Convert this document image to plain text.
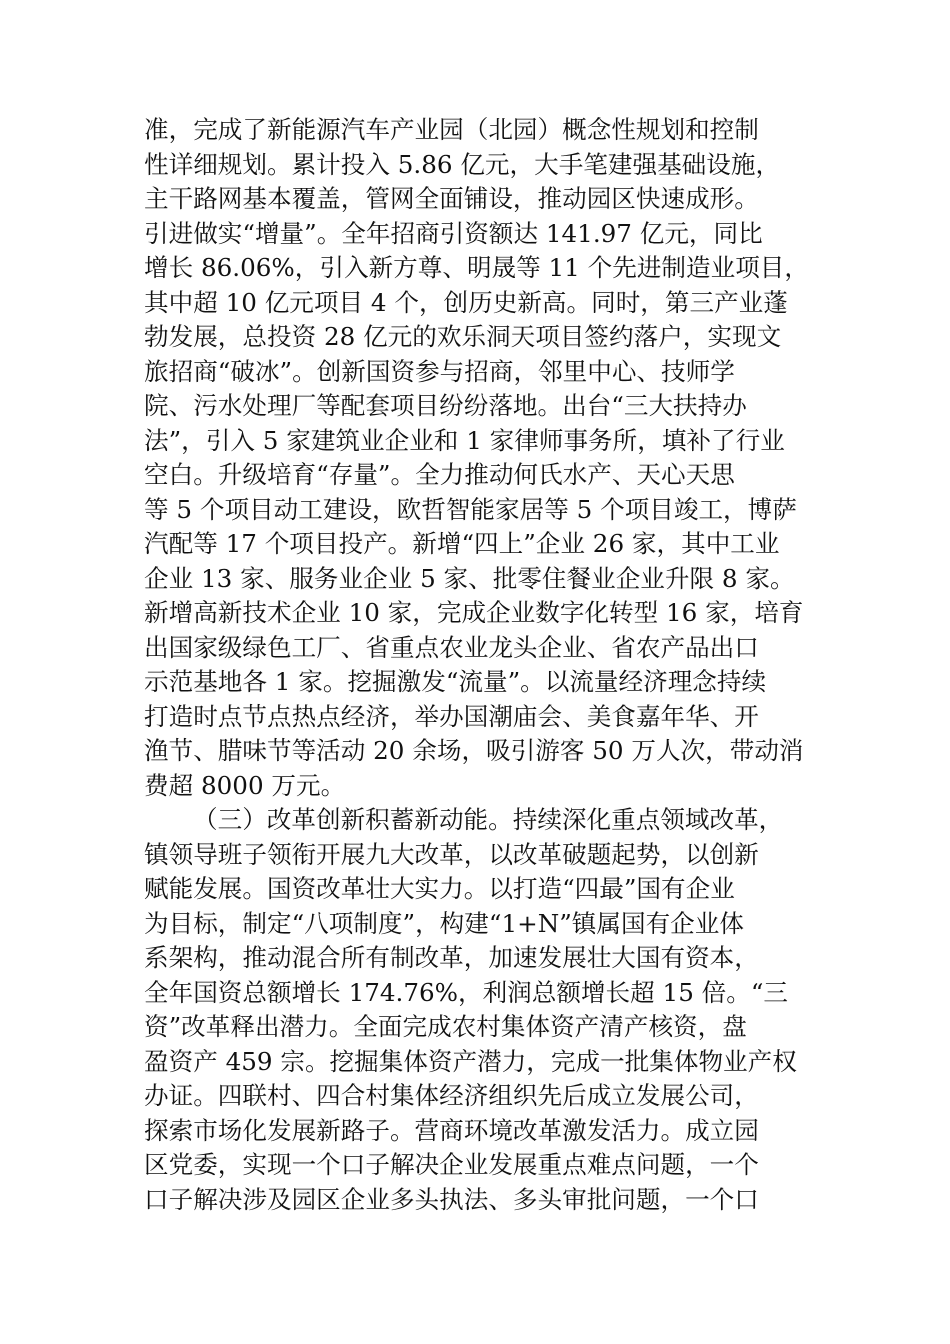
准，完成了新能源汽车产业园（北园）概念性规划和控制
性详细规划。累计投入 5.86 亿元，大手笔建强基础设施，
主干路网基本覆盖，管网全面铺设，推动园区快速成形。
引进做实“增量”。全年招商引资额达 141.97 亿元，同比
增长 86.06%，引入新方尊、明晟等 11 个先进制造业项目，
其中超 10 亿元项目 4 个，创历史新高。同时，第三产业蓬
勃发展，总投资 28 亿元的欢乐洞天项目签约落户，实现文
旅招商“破冰”。创新国资参与招商，邻里中心、技师学
院、污水处理厂等配套项目纷纷落地。出台“三大扶持办
法”，引入 5 家建筑业企业和 1 家律师事务所，填补了行业
空白。升级培育“存量”。全力推动何氏水产、天心天思
等 5 个项目动工建设，欧哲智能家居等 5 个项目竣工，博萨
汽配等 17 个项目投产。新增“四上”企业 26 家，其中工业
企业 13 家、服务业企业 5 家、批零住餐业企业升限 8 家。
新增高新技术企业 10 家，完成企业数字化转型 16 家，培育
出国家级绿色工厂、省重点农业龙头企业、省农产品出口
示范基地各 1 家。挖掘激发“流量”。以流量经济理念持续
打造时点节点热点经济，举办国潮庙会、美食嘉年华、开
渔节、腊味节等活动 20 余场，吸引游客 50 万人次，带动消
费超 8000 万元。
（三）改革创新积蓄新动能。持续深化重点领域改革，
镇领导班子领衔开展九大改革，以改革破题起势，以创新
赋能发展。国资改革壮大实力。以打造“四最”国有企业
为目标，制定“八项制度”，构建“1+N”镇属国有企业体
系架构，推动混合所有制改革，加速发展壮大国有资本，
全年国资总额增长 174.76%，利润总额增长超 15 倍。“三
资”改革释出潜力。全面完成农村集体资产清产核资，盘
盈资产 459 宗。挖掘集体资产潜力，完成一批集体物业产权
办证。四联村、四合村集体经济组织先后成立发展公司，
探索市场化发展新路子。营商环境改革激发活力。成立园
区党委，实现一个口子解决企业发展重点难点问题，一个
口子解决涉及园区企业多头执法、多头审批问题，一个口
